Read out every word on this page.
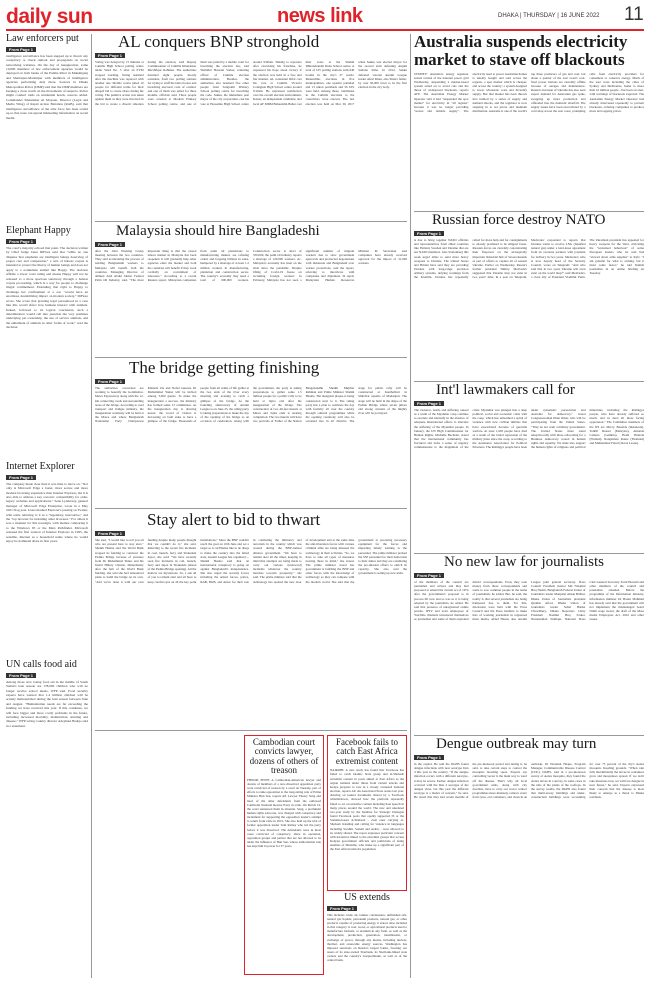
daily sun	news link	DHAKA | THURSDAY | 16 JUNE 2022 11
Law enforcers put
From Page 1
intelligence surveillance has been stepped up to thwart any conspiracy or check rumour and propaganda on social networking websites. On the day of inauguration, some 10,000 members of law enforcement agencies would be deployed on both banks of the Padma River in Munshiganj and Shariatpur-Madaripur with members of intelligence agencies performing duty there. Sources in Dhaka Metropolitan Police (DMP) said that the DMP members are keeping a close watch on the movements of suspects. Police might conduct raids on residential hotels, sources added. Commander Khandaker Al Moyeen, Director (Legal and Media Wing) of Rapid Action Battalion (RAB), said that intelligence surveillance of the elite force has been scaled up so that none can spread misleading information on social media.
Elephant Happy
From Page 1
The court's majority echoed that point. The decision written by Chief Judge Janet DiFiore said that "while no one disputes that elephants are intelligent beings deserving of proper care and compassion," a writ of habeas corpus is intended to protect the liberty of human beings and does not apply to a nonhuman animal like Happy. The decision affirms a lower court ruling and means Happy will not be released to a more spacious sanctuary through a habeas corpus proceeding, which is a way for people to challenge illegal confinement. Extending that right to Happy to challenge her confinement at a zoo "would have an enormous destabilizing impact on modern society," DiFiore wrote. She wrote that granting legal personhood in a case like this would affect how humans interact with animals. Indeed, followed to its logical conclusion, such a determination would call into question the very premises underlying pet ownership, the use of service animals, and the enlistment of animals in other forms of work," read the decision.
Internet Explorer
From Page 1
The company made clear then it was time to move on. "Not only is Microsoft Edge a faster, more secure and more modern browsing experience than Internet Explorer, but it is also able to address a key concern: compatibility for older, legacy websites and applications," Sean Lyndersay, general manager of Microsoft Edge Enterprise, wrote in a May 2021 blog post. Users marked Explorer's passing on Twitter, with some referring to it as a "legendary, innovative," and the "top browser for installing other browsers." For others it was a moment for 90s nostalgia, with memes comparing it to the Windows 95 or the Mars Pathfinder. Microsoft released the first version of Internet Explorer in 1995, the sensible, Internet as a household name where he would enjoy its dominant share in first years.
UN calls food aid
From Page 1
Among those now losing food aid in the middle of South Sudan's lean season are 178,000 children who will no longer receive school meals, WFP said. Food security experts have warned that 1.4 million children will be acutely malnourished during the lean season between June and August. "Humanitarian needs are far exceeding the funding we have received this year. If this continues, we will face bigger and more costly problems in the future, including increased mortality, malnutrition, stunting and disease," WFP acting country director Adeyinka Badejo said in a statement.
AL conquers BNP stronghold
From Page 1
Voting was delayed by 15 minutes at Camilla High School polling centre under Ward No. 5 after an EVM stopped working. Voting resumed after the machine was replaced with another one. Mobile courts jailed 10 people for different terms for their alleged bid to create chaos during the voting. The punitive action was taken against them as they were involved in the bid to create a chaotic situation during the election, said Deputy Commissioner of Cumilla Khandoker Mu'shfiqur Rahman. The authorities detained eight people, mostly outsiders, from two polling stations for trying to stuff the ballot boxes and breaching electoral code of conduct and one of them was jailed for three months, officials said. Three people were arrested at Modern Primary School polling centre, and one of them was jailed by a mobile court for breaching the election law, said Shahidul Hossain Sarker, returning officer of Cumilla election administration. Besides, the authorities also detained five other people from Sangrathi Primary School polling centre for breaching the code. Sakku, the immediate past mayor of the city corporation, cast his vote at Hossainia High School centre around 9:00am. Talking to reporters after exercising his franchise, he expressed his hope about victory if the election was held in a free and fair manner. AL contestant Rifat cast his vote at Cumilla Victoria Collegiate High School centre around 9:10am. He expressed satisfaction over the overall election environment. Kaiser, an independent candidate, and local AF MDM Bahauddin Bahar cast their votes at the Shahid Dhirendranath Datta School centre. A total of 105 polling stations with 640 booths in the city's 27 wards. Meanwhile, elections in five municipalities, one upazila parishad and 13 union parishads and 56 UPs were held. Among these, candidates in the Cumilla elections to the councillors were elected. The last election was held on Mar 30, 2017 when Sakku was elected mayor for the second term defeating Anjum Sultana Sima. In 2012, Sakku defeated veteran Awami League leader Afzal Khan, also Sima's father, by over 30,000 votes to be the first election in the city body.
Malaysia should hire Bangladeshi
From Page 1
after the Joint Working Group meeting between the two countries. They said accelerating the process of sending Bangladeshi workers to Malaysia will benefit both the countries. Managing Director of Ahmed Zaid Abdul Jabbar Federal Palm Oil Industry, said, "The most important thing is that the closed labour market in Malaysia has been reopened. It will gradually help other agencies enter the market and both the countries will benefit if they work cordially on recruitment of labourers." According to a recent Reuters report, Malaysian companies from palm oil plantations to manufacturing makers are refusing orders and forgoing billions in sales, hampered by a shortage of at least 1.2 million workers in manufacturing, plantation and construction sector. The country's economy may need a total of 600,000 workers. Construction sector is short of 550,000, the palm oil industry reports a shortage of 120,000 workers, etc. Malaysia's economy has been on the slide since the pandemic. Despite lifting of Covid-19 freeze on recruiting foreign workers in February, Malaysia has not seen a significant number of migrant workers due to slow government approvals and protracted negotiations with Indonesia and Bangladesh over worker protections, said the report, referring to interviews with companies and diplomats. In April, Malaysian Human Resources Minister M Saravanan said companies have already received approval for the import of 31,000 workers.
The bridge getting finishing
From Page 1
The authorities concerned are working to beautify the Goldmohor-Mawa Expressway along with the 12-km connecting roads and surrounding areas of the bridge. According to road transport and bridges ministry, the inauguration ceremony will be held at the Mawa end where Bangladesh Nationalist Party Chairperson Khaleda Zia and Nobel laureate Dr Muhammad Yunus will be invited among 3,000 guests. To make the inauguration a success, the ministry has formed some 13 committees. As the inauguration day is drawing nearer, the crowd of visitors is increasing on both sides to have a glimpse of the bridge. Thousands of people from all walks of life gather at the two ends of the river every morning and evening to catch a glimpse of the bridge. As the founding anniversary of Awami League is on June 23, the ruling party is taking preparations to make the day of the opening of the bridge as an occasion of celebration. Along with the government, the party is taking preparations to gather some 1.5 million people for a public rally to be held at Jajira end after the inauguration of the bridge. The construction of two 49-feet murals at Mawa and Jajira ends is nearing completion. The two murals will have two portraits of Father of the Nation Bangabandhu Sheikh Mujibur Rahman and Prime Minister Sheikh Hasina. The inaugural plaque is being constructed next to it. The ruling party has a plan to celebrate the day with festivity all over the country through cultural programmes while the opening ceremony will also be screened live in all districts. The stage for public rally will be constructed at Kanthalbari in Shibchar upazila of Madaripur. The stage will be built in the shape of the Padma Bridge where seven pillars and strong currents of the mighty river will be portrayed.
Stay alert to bid to thwart
From Page 1
She said, "I would like to tell you all who are present here to stay alert." Sheikh Hasina said the World Bank stopped its funding to construct the Padma Bridge because of pressure from Dr Muhammad Yunus and his friend Hillary Clinton. Immediately after the halt of the World Bank funding, she said she had announced plans to build the bridge on its own. "And we've done it with our own funding despite many people thought that we couldn't do it," she said. Referring to the recent fire incidents in coal, launch, ferry and Sitakunda depot, she said: "We have recently seen fire incidents in coil, launch, ferry and depot in Sitakunda (ahead of the Padma Bridge opening). All the matters are mysterious. So, I ask all of you to remain alert and all have to keep careful eyes on all the key point installations." Since the BNP couldn't reach the goal on 10th June and set a target so it cut Hasina like to do drugs to make the country into the failed state, Awami League has organized ... Sheikh Hasina said that an international conspiracy is going on against Bangladesh's independence. She also urged the security forces including the armed forces, police, RAB, BGB, and Ansar for their role in combating the militancy and terrorism in the country which was created during the BNP-Jamaat alliance government. "We have to remain alert all the times, keeping in mind that attempts are being made to carry out various (untoward) incidents whenever the country marches towards prosperity," she said. The prime minister said that the technology has opened the new door of development and at the same time the anti-liberation forces with various criminal aims are being misused the technology in their activities. "So, we have to take all types of measures bearing those in mind," she stated. The prime minister noted her government is building the BNP and other forces with the knowledge of technology so they can compete with the modern world. She said that the government is procuring necessary equipment for the forces and imparting timely training to the personnel. The prime minister praised the SSF personnel for their dedication to their duties and they are continuing the pre-mission efforts to enrich its capacity. She also said the government is setting up new units.
Cambodian court convicts lawyer, dozens of others of treason
PHNOM PENH: A Cambodian-American lawyer and dozens of members of a now-dissolved opposition party were convicted of treason by a court on Tuesday, part of efforts to tame opposition to the long-ruling rule of Prime Minister Hun Sen, reports AP. Lawyer Theary Seng and most of the other defendants from the outlawed Cambodia National Rescue Party in exile. On March 10, the court sentenced them in absentia. Seng, a prominent human rights advocate, was charged with conspiracy and incitement for supporting the opposition leader's attempt to return from exile in 2019. She also held up the trial of former opposition leader Sam Rainsy who led the party before it was dissolved. The defendants were in most cases convicted of conspiracy. Once in operation, opposition groups and parties that are not allowed to be under the influence of Hun Sen, whose authoritarian rule has kept him in power for 37 years.
Facebook fails to catch East Africa extremist content
NAIROBI: A new study has found that Facebook has failed to catch Islamic State group and al-Shabaab extremist content in posts aimed at East Africa as the region remains under threat from violent attacks and Kenya prepares to vote in a closely contested national election, reports AP. An Associated Press series last year, drawing on leaked documents shared by a Facebook whistleblower, showed how the platform repeatedly failed to act on sensitive content including hate speech in many places around the world. The new and unrelated two-year study by the Institute for Strategic Dialogue found Facebook posts that openly supported IS or the Somalia-based al-Shabaab - even ones carrying al-Shabaab branding and calling for violence in languages including Swahili, Somali and Arabic - were allowed to be widely shared. The report expresses particular concern with narratives linked to the extremist groups that accuse Kenyan government officials and politicians of being enemies of Muslims, who make up a significant part of the East African nation's population.
US extends
From Page 1
This includes crude oil, bunker condensates, unfinished oils, natural gas liquids, petroleum products, natural gas, or other products capable of producing energy, it stated. Also included in this category is coal, wood, or agricultural products used to manufacture biofuels, or uranium in any form, as well as the development, production, generation, transmission, or exchange of power, through any means, including nuclear, thermal, and renewable energy sources. Washington has imposed sanctions on Russia's largest banks, freezing our assets of its state-owned Sberbank, its Sberbank-linked state owners and the country's Gazprombank, as well as of the central bank.
Australia suspends electricity market to stave off blackouts
SYDNEY: Australia's energy regulator seized control of the national power grid Wednesday, suspending a market-based system relied on to avoid cuts and the threat of widespread blackouts, reports AFP. The Australian Energy Market Operator said it had "suspended the spot market" for electricity in "all regions" because it was no longer providing "secure and reliable supply". The electricity used to power Australian homes is usually bought and sold across the regions, a spot market which is cheaper, and across the country; a system designed to lower wholesale costs and diversify supply. But that market has been thrown into turmoil by a series of supply and demand shocks, and the regulator is now stepping in to set prices and maintain distribution. Australia is one of the world's top three producers of gas and coal, but about a quarter of the east coast's coal-fired power stations are currently offline because of outages and maintenance. Russia's invasion of Ukraine has also seen export demand for Australian gas spike, swapping up more production and offloaded into the domestic shortfall. The supply issues have been exacerbated by a cold snap across the east coast, prompting calls from electricity providers for consumers to conserve energy. Much of the east coast including the cities of Sydney and Melbourne, home to more than 10 million people - has been on alert, with warnings of blackouts expected. The Australian Energy Market Operator had already intervened repeatedly to prevent blackouts, ordering companies to produce more and capping prices.
Russian force destroy NATO
From Page 1
is due to bring together NATO officials and representatives from allied countries like Finland, Sweden and Ukraine that are not NATO members. Jens Stoltenberg this week urged allies to send more heavy weapons to Ukraine. The United States and Britain have said they are providing Ukraine with long-range precision artillery systems, defying warnings from the Kremlin. Ukraine has repeatedly called for more help and for consignments to already promised to be shipped faster. Russian forces are currently concentrating their firepower on the strategically important industrial hub of Severodonetsk as part of efforts to capture all of eastern Ukraine. Earlier on Wednesday, Russia's former president Dmitry Medvedev suggested that Ukraine may not exist in two years' time. In a post on Telegram, Medvedev responded to reports that Ukraine wants to receive LNG (liquified natural gas) under a lend-lease agreement from its overseas partners with payment for delivery in two years. Medvedev, who is now deputy head of the Security Council, wrote on Telegram: "And who said that in two years Ukraine will even exist on the world map?" said Medvedev, a close ally of President Vladimir Putin. The Ukrainian president has appealed for heavy weapons for the West, criticizing the "restrained behaviour" of some European leaders who he said had "slowed down arms supplies" to Kyiv. "I am grateful for what is coming, but it must come faster," he told Danish journalists in an online briefing on Tuesday.
Int'l lawmakers call for
From Page 1
The violence, death, and suffering caused as a result of the Myanmar coup continue to escalate and intensify in the absence of adequate international efforts to alleviate the suffering of the Myanmar people. In January, the UN High Commissioner for Human Rights, Michelle Bachelet, stated that the international community has fractured and lacks a sense of urgency commensurate to the magnitude of the crisis. Myanmar was plunged into a deep political, social and economic crisis with the coup, which has unleashed a spiral of violence with new civilian militias that have exacerbated decades of guerrilla warfare. At least 1,903 people have died as a result of the brutal repression of the military junta since the coup, according to the Assistance Association for Political Prisoners. The Rohingya people have been under systematic persecution and Australia for democracy," stated Congresswoman Ilhan Omar, who will be participating from the United States. "They do not want a military government. The United States must stand unequivocally with those advocating for a Burmese democracy rooted in human rights and equality. We must also support the human rights of religious and political minorities, including the Rohingya people, who have already suffered so much, and in deed all those facing oppression." The Committee members of the IPI are Mercy Barends (Indonesia), Tonfill Russel (Malaysia), Amanda Camara (Gambia), Heidi Hautala (Finland), Rangsiman Rome (Thailand) and Muhammad Faisal (Sierra Leone).
No new law for journalists
From Page 1
of the members of the council are journalists and writers and they had proposed to amend the current act of 1974 after the government's proposal is in process till now and so was so it is being adopted by the journalists, he added. He said that presence of unregistered online portals, IPTV and even employees of YouTube channels introduced themselves as journalists and some of them exploited district correspondents. Even, they took money from those correspondents and some to sow common people in the name of journalism, he added. But, he said, the reality is that several journalists are being hampered due to them. For this, discussion were held with the Press Council and the Press institute to make lists of working journalists in registered mass media, added Hasan, also Awami League joint general secretary. Press Council President Justice Md Nizamul Huq Nasim, Bangladesh Federal Union of Journalists leader Manjurul Ahsan Bulbul, Dhaka Union of Journalists president Quddus Afrad, Dhaka Union of Journalists leader Sohel Haider Chowdhury, Dhaka Reporters Unity President Nazmul Huq Sarker, Nuruzzaman Siddiqui, National Press Club General Secretary Farid Hossain and other members of the council and journalists attended. Before the programme of the Information ministry, information minister Dr Hasan Mahmud has already said that the government will not implement the mismanaged board Ninth wage award, the draft of the Mass media Employees Act, 2022 and other issues.
Dengue outbreak may turn
From Page 1
in the capital. He said the DGHS found dengue infections with new serotype Den 4 this year in the country. "If the dengue infection occurs with a different serotype, it may be severe. Earlier, dengue infection occurred with the Den 2 serotype of the dengue virus, but this year the different serotype is a matter of concern," he said. He noted that they had recent months of the pre-monsoon period and during it, he said, to take certain steps to control the mosquito breeding spots. Experts say controlling vector is the main way to ward off the disease. That's why all local government units, along with city dwellers, have to carry out vector control programmes more intensely, remove water from tyres, old containers, and clean in an outbreak. Dr Ekramul Haque, Program Manager, Communicable Disease Control (CDC), DGHS, said in a pre-monsoon survey of Aedes mosquito, they found the Aedes larvae in a survey, in some cases in the tubs of the plants of the rooftops. In the survey results, the DGHS also found that multi-storey buildings and under-construction buildings were accounting for over 75 percent of the city's Aedes mosquito breeding grounds. "When rain falls intermittently the larvae in containers grow and mosquitoes spread. If we don't take measures now, we will face dengue in near future," he said. Experts expressed their concern that the disease is most likely to emerge as a threat to Dhaka residents.
